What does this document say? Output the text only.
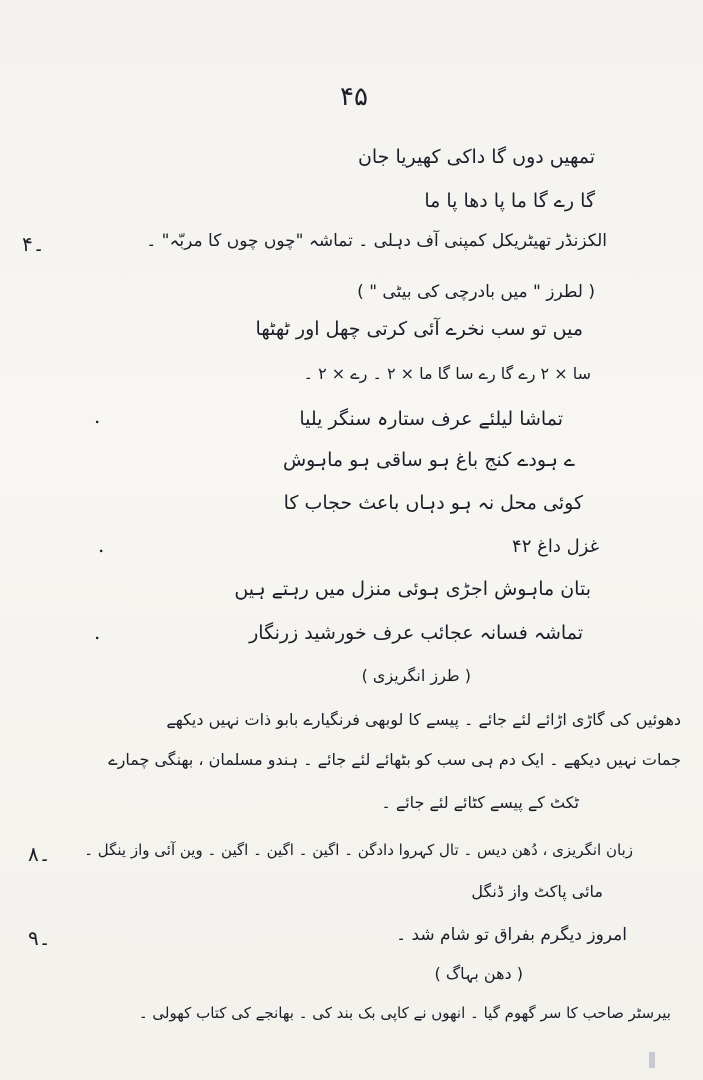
۴۵
تمھیں دوں گا داکی کھیریا جان
گا رے گا ما پا دھا پا ما
۴۔	الکزنڈر تھیٹریکل کمپنی آف دہلی ۔ تماشہ "چوں چوں کا مربّہ" ۔
( لطرز " میں بادرچی کی بیٹی " )
میں تو سب نخرے آئی کرتی چھل اور ٹھٹھا
سا × ۲ رے گا رے سا گا ما × ۲ ۔ رے × ۲ ۔
.	تماشا لیلئے عرف ستارہ سنگر یلیا
ے ہودے کنج باغ ہو ساقی ہو ماہوش
کوئی محل نہ ہو دہاں باعث حجاب کا
.	غزل داغ ۴۲
بتان ماہوش اجڑی ہوئی منزل میں رہتے ہیں
.	تماشہ فسانہ عجائب عرف خورشید زرنگار
( طرز انگریزی )
دھوئیں کی گاڑی اڑائے لئے جائے ۔ پیسے کا لوبھی فرنگیارے بابو ذات نہیں دیکھے
جمات نہیں دیکھے ۔ ایک دم ہی سب کو بٹھائے لئے جائے ۔ ہندو مسلمان ، بھنگی چمارے
ٹکٹ کے پیسے کٹائے لئے جائے ۔
۸۔ زبان انگریزی ، دُھن دیس ۔ تال کہروا دادگن ۔ اگین ۔ اگین ۔ اگین ۔ وین آئی واز ینگل ۔
مائی پاکٹ واز ڈنگل
۹۔	امروز دیگرم بفراق تو شام شد ۔
( دھن بہاگ )
بیرسٹر صاحب کا سر گھوم گیا ۔ انھوں نے کاپی بک بند کی ۔ بھانجے کی کتاب کھولی ۔
